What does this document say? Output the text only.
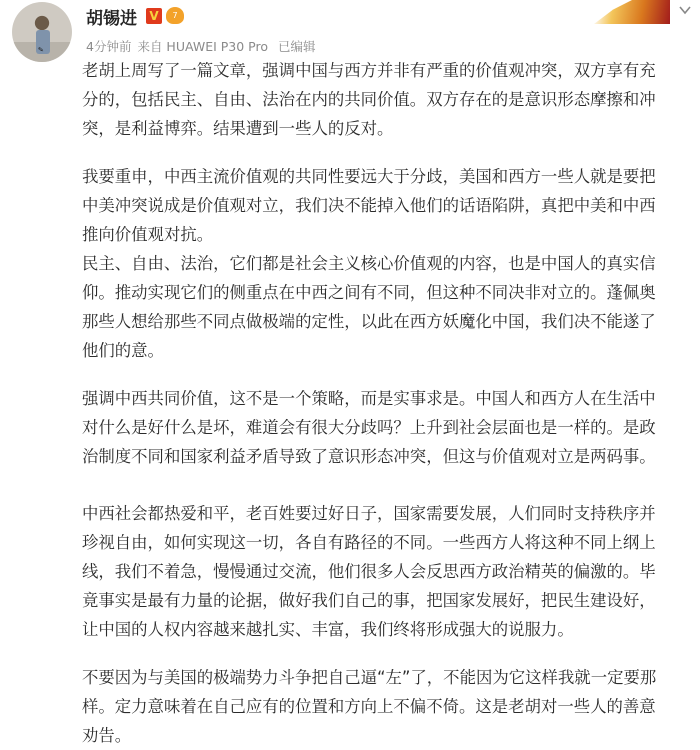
✎
胡锡进 V	7
4分钟前 来自 HUAWEI P30 Pro 已编辑

老胡上周写了一篇文章，强调中国与西方并非有严重的价值观冲突，双方享有充
分的，包括民主、自由、法治在内的共同价值。双方存在的是意识形态摩擦和冲
突，是利益博弈。结果遭到一些人的反对。

我要重申，中西主流价值观的共同性要远大于分歧，美国和西方一些人就是要把
中美冲突说成是价值观对立，我们决不能掉入他们的话语陷阱，真把中美和中西
推向价值观对抗。

民主、自由、法治，它们都是社会主义核心价值观的内容，也是中国人的真实信
仰。推动实现它们的侧重点在中西之间有不同，但这种不同决非对立的。蓬佩奥
那些人想给那些不同点做极端的定性，以此在西方妖魔化中国，我们决不能遂了
他们的意。

强调中西共同价值，这不是一个策略，而是实事求是。中国人和西方人在生活中
对什么是好什么是坏，难道会有很大分歧吗？上升到社会层面也是一样的。是政
治制度不同和国家利益矛盾导致了意识形态冲突，但这与价值观对立是两码事。

中西社会都热爱和平，老百姓要过好日子，国家需要发展，人们同时支持秩序并
珍视自由，如何实现这一切，各自有路径的不同。一些西方人将这种不同上纲上
线，我们不着急，慢慢通过交流，他们很多人会反思西方政治精英的偏激的。毕
竟事实是最有力量的论据，做好我们自己的事，把国家发展好，把民生建设好，
让中国的人权内容越来越扎实、丰富，我们终将形成强大的说服力。

不要因为与美国的极端势力斗争把自己逼“左”了，不能因为它这样我就一定要那
样。定力意味着在自己应有的位置和方向上不偏不倚。这是老胡对一些人的善意
劝告。
